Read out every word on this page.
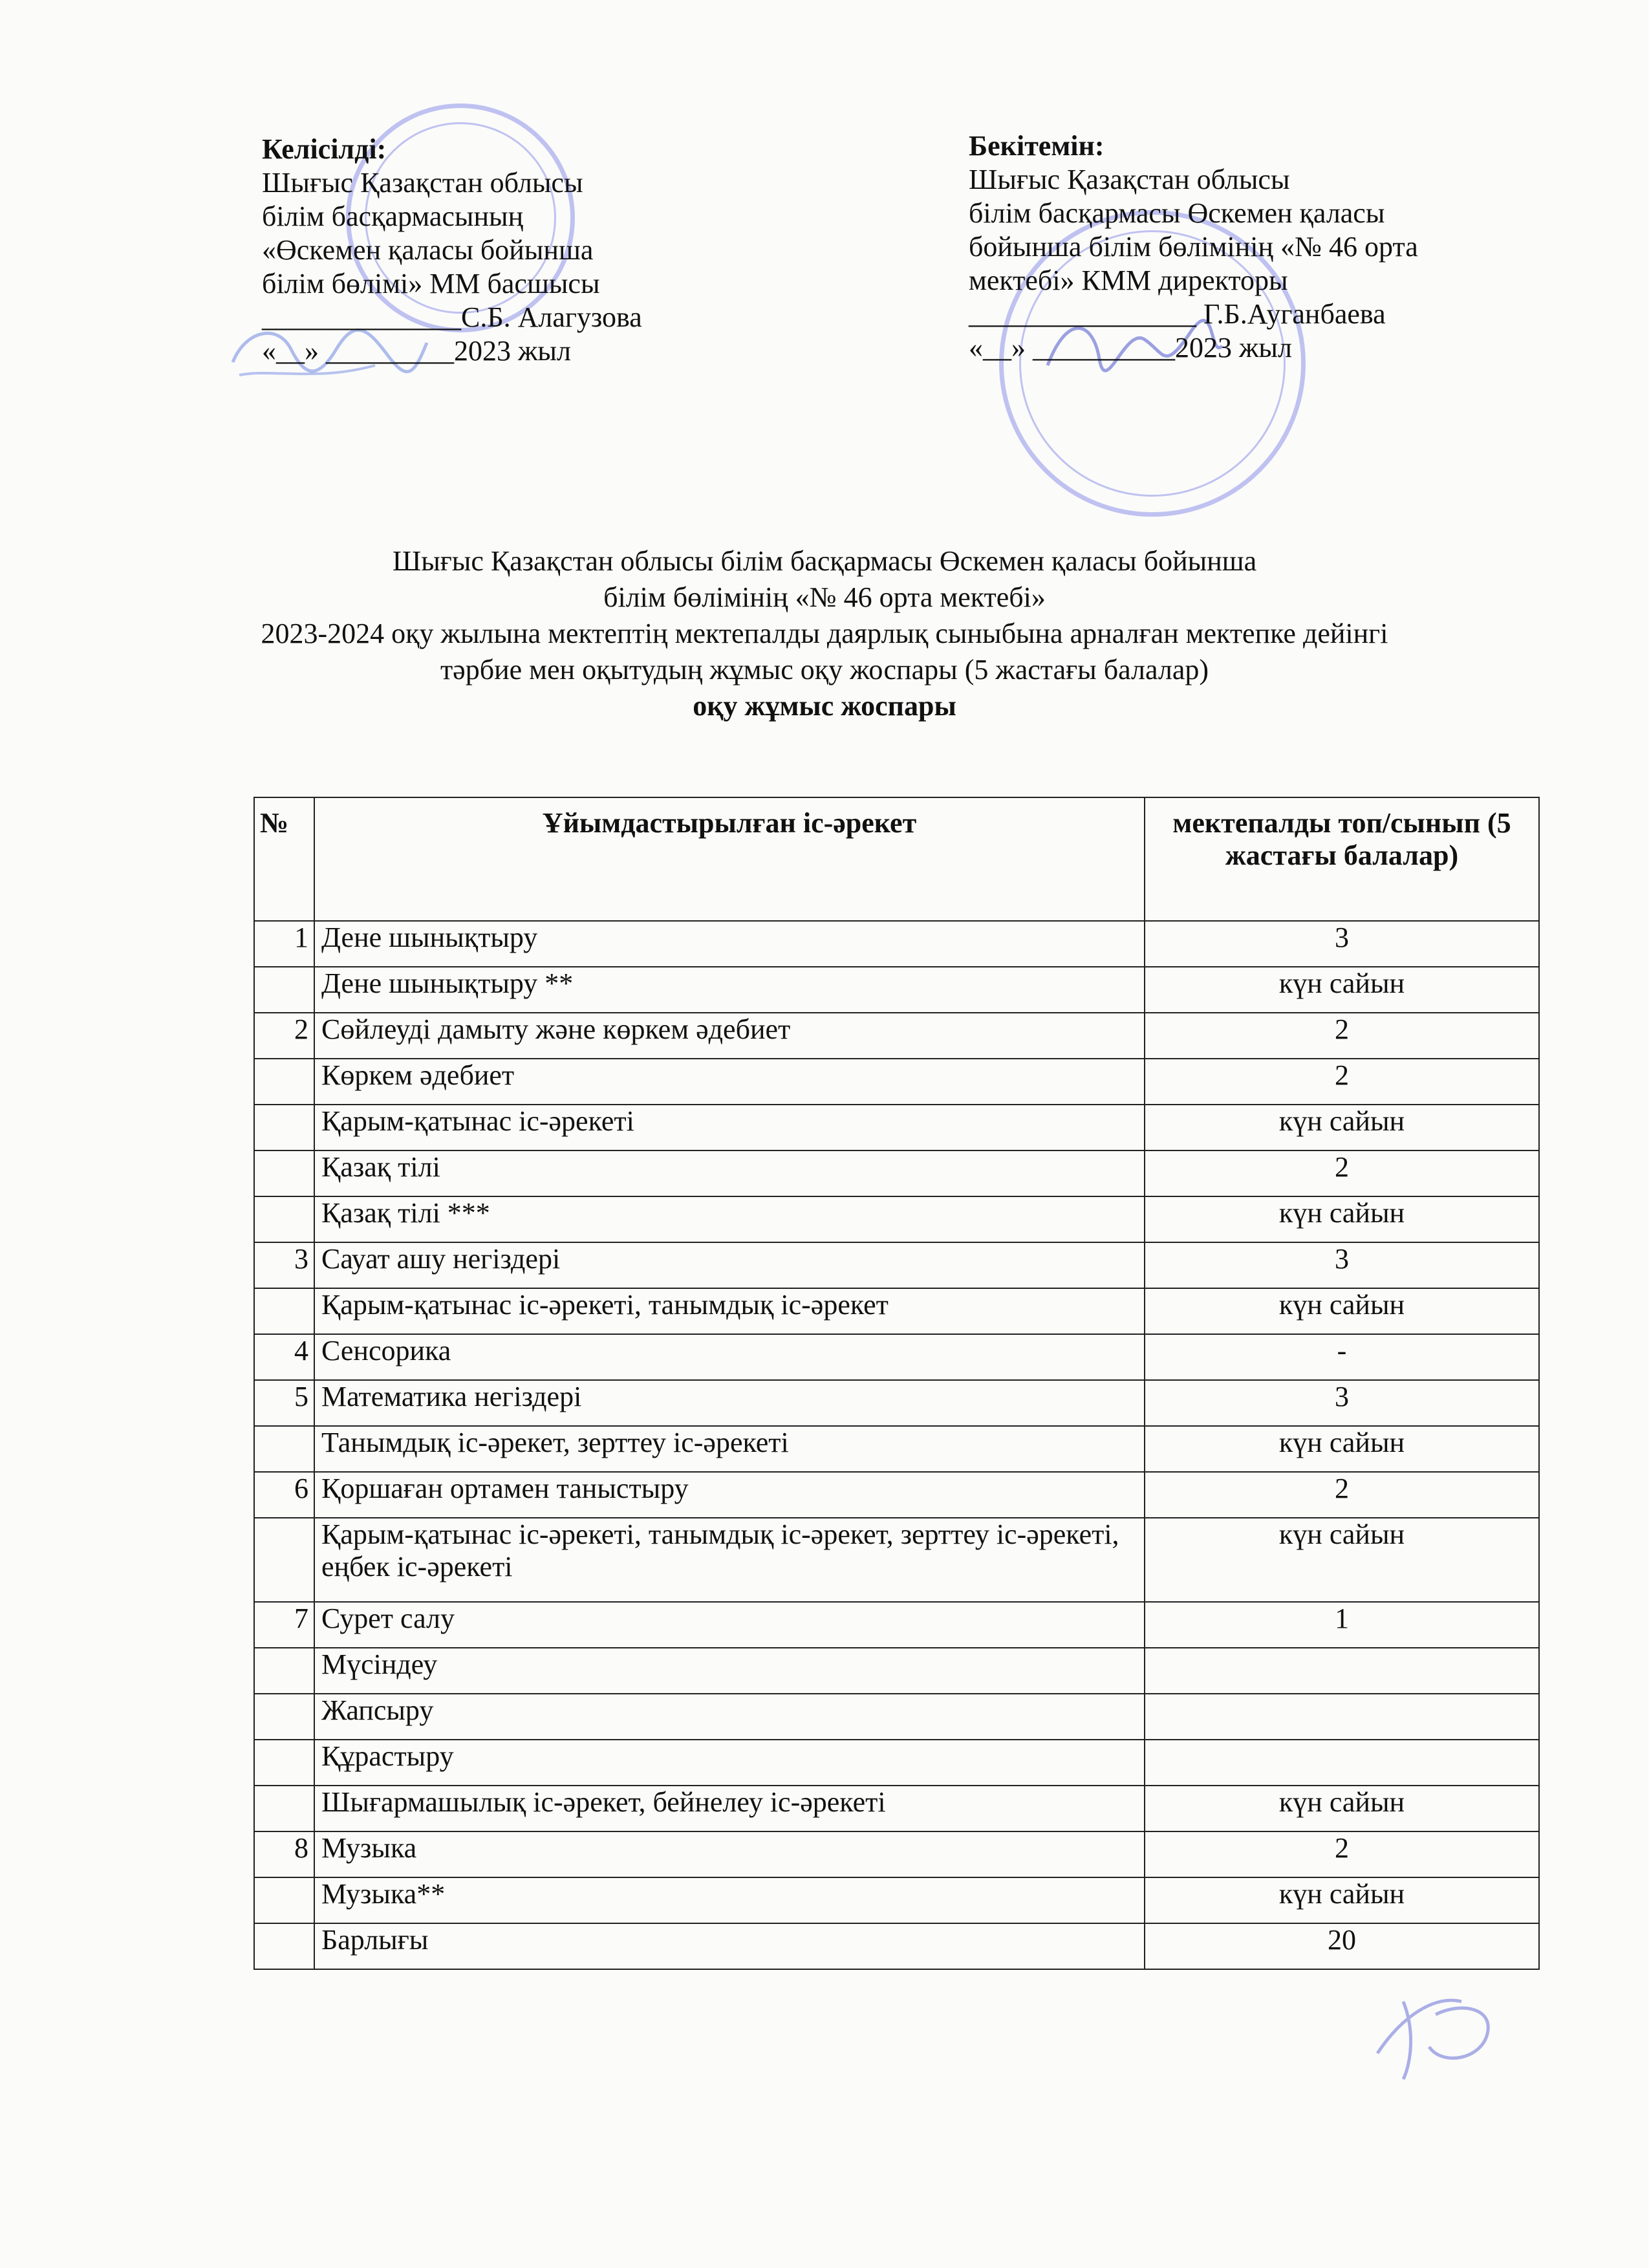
Келісілді:
Шығыс Қазақстан облысы
білім басқармасының
«Өскемен қаласы бойынша
білім бөлімі» ММ басшысы
______________С.Б. Алагузова
«__» _________2023 жыл
Бекітемін:
Шығыс Қазақстан облысы
білім басқармасы Өскемен қаласы
бойынша білім бөлімінің «№ 46 орта
мектебі» КММ директоры
________________ Г.Б.Ауганбаева
«__» __________2023 жыл
Шығыс Қазақстан облысы білім басқармасы Өскемен қаласы бойынша
білім бөлімінің «№ 46 орта мектебі»
2023-2024 оқу жылына мектептің мектепалды даярлық сыныбына арналған мектепке дейінгі
тәрбие мен оқытудың жұмыс оқу жоспары (5 жастағы балалар)
оқу жұмыс жоспары
№	Ұйымдастырылған іс-әрекет	мектепалды топ/сынып (5 жастағы балалар)
1	Дене шынықтыру	3
	Дене шынықтыру **	күн сайын
2	Сөйлеуді дамыту және көркем әдебиет	2
	Көркем әдебиет	2
	Қарым-қатынас іс-әрекеті	күн сайын
	Қазақ тілі	2
	Қазақ тілі ***	күн сайын
3	Сауат ашу негіздері	3
	Қарым-қатынас іс-әрекеті, танымдық іс-әрекет	күн сайын
4	Сенсорика	-
5	Математика негіздері	3
	Танымдық іс-әрекет, зерттеу іс-әрекеті	күн сайын
6	Қоршаған ортамен таныстыру	2
	Қарым-қатынас іс-әрекеті, танымдық іс-әрекет, зерттеу іс-әрекеті, еңбек іс-әрекеті	күн сайын
7	Сурет салу	1
	Мүсіндеу	
	Жапсыру	
	Құрастыру	
	Шығармашылық іс-әрекет, бейнелеу іс-әрекеті	күн сайын
8	Музыка	2
	Музыка**	күн сайын
	Барлығы	20
